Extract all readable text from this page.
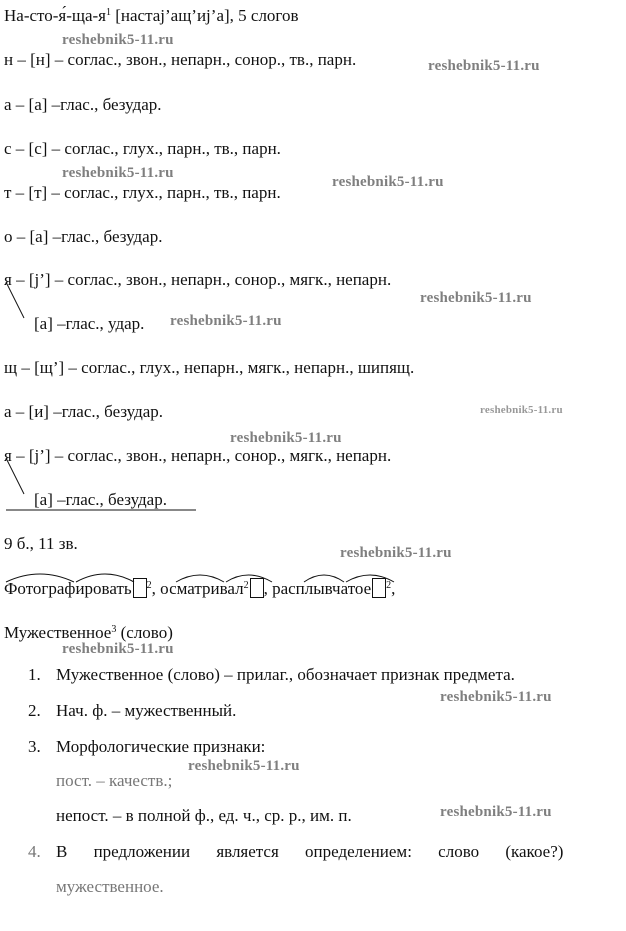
$На-сто-я́-ща-я^1$ [настај’ащ’иј’а], 5 слогов
н – [н] – соглас., звон., непарн., сонор., тв., парн.
а – [а] –глас., безудар.
с – [с] – соглас., глух., парн., тв., парн.
т – [т] – соглас., глух., парн., тв., парн.
о – [а] –глас., безудар.
я – [j’] – соглас., звон., непарн., сонор., мягк., непарн.
[а] –глас., удар.
щ – [щ’] – соглас., глух., непарн., мягк., непарн., шипящ.
а – [и] –глас., безудар.
я – [j’] – соглас., звон., непарн., сонор., мягк., непарн.
[а] –глас., безудар.
9 б., 11 зв.
Фотографировать $^2$, осматривал$^2$ , расплывчатое $^2$,
Мужественное$^3$ (слово)
1. Мужественное (слово) – прилаг., обозначает признак предмета.
2. Нач. ф. – мужественный.
3. Морфологические признаки:
пост. – качеств.;
непост. – в полной ф., ед. ч., ср. р., им. п.
4. В предложении является определением: слово (какое?)
мужественное.
reshebnik5-11.ru
reshebnik5-11.ru
reshebnik5-11.ru
reshebnik5-11.ru
reshebnik5-11.ru
reshebnik5-11.ru
reshebnik5-11.ru
reshebnik5-11.ru
reshebnik5-11.ru
reshebnik5-11.ru
reshebnik5-11.ru
reshebnik5-11.ru
reshebnik5-11.ru
